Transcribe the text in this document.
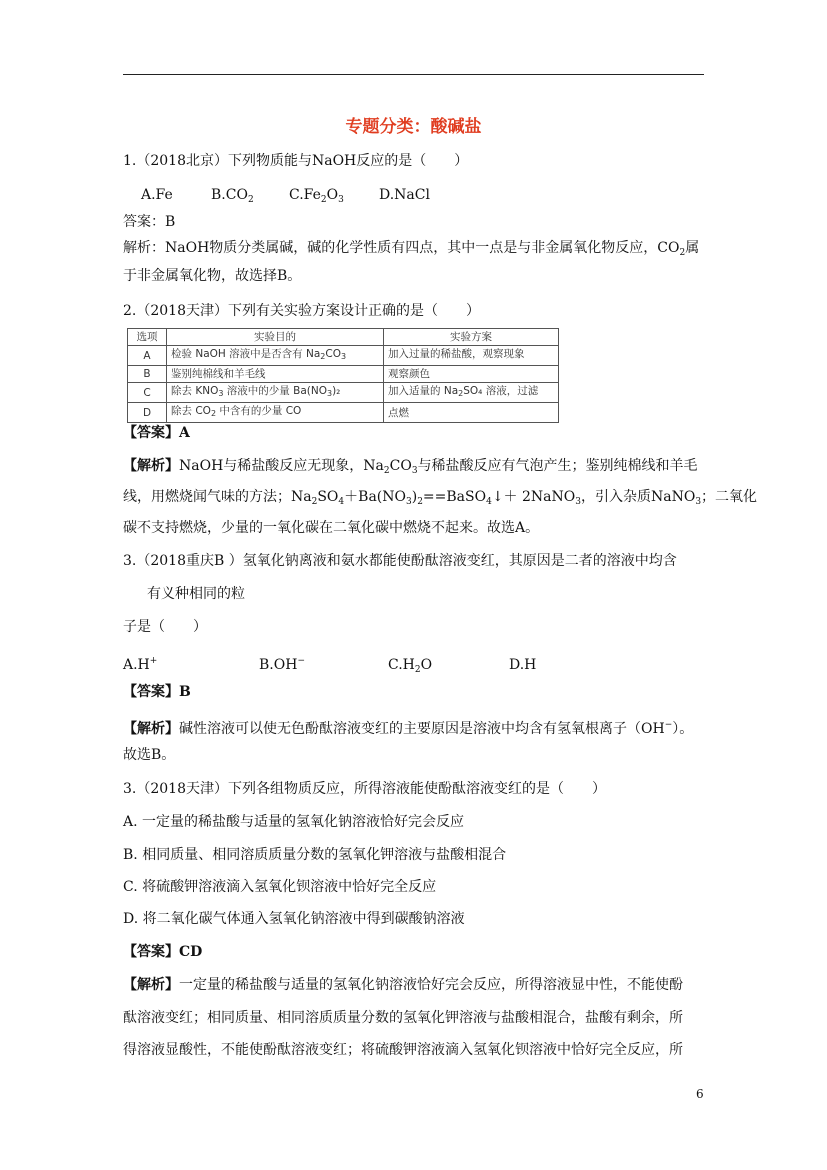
专题分类：酸碱盐
1.（2018北京）下列物质能与NaOH反应的是（　　）
A.Fe	$B.CO_2$	$C.Fe_2O_3$	D.NaCl
答案：B
解析：NaOH物质分类属碱，碱的化学性质有四点，其中一点是与非金属氧化物反应，$CO_2$属
于非金属氧化物，故选择B。
2.（2018天津）下列有关实验方案设计正确的是（　　）
选项	实验目的	实验方案
A	检验 NaOH 溶液中是否含有 Na2CO3	加入过量的稀盐酸，观察现象
B	鉴别纯棉线和羊毛线	观察颜色
C	除去 KNO3 溶液中的少量 Ba(NO3)₂	加入适量的 Na2SO₄ 溶液，过滤
D	除去 CO2 中含有的少量 CO	点燃
【答案】A
【解析】NaOH与稀盐酸反应无现象，$Na_2CO_3$与稀盐酸反应有气泡产生；鉴别纯棉线和羊毛
线，用燃烧闻气味的方法；$Na_2SO_4+Ba(NO_3)_2==BaSO_4↓+$ 2NaNO$_3$，引入杂质NaNO$_3$；二氧化
碳不支持燃烧，少量的一氧化碳在二氧化碳中燃烧不起来。故选A。
3.（2018重庆B ）氢氧化钠离液和氨水都能使酚酞溶液变红，其原因是二者的溶液中均含
有义种相同的粒
子是（　　）
A.H+	B.OH−	$C.H_2O$	D.H
【答案】B
【解析】碱性溶液可以使无色酚酞溶液变红的主要原因是溶液中均含有氢氧根离子（OH−）。
故选B。
3.（2018天津）下列各组物质反应，所得溶液能使酚酞溶液变红的是（　　）
A. 一定量的稀盐酸与适量的氢氧化钠溶液恰好完会反应
B. 相同质量、相同溶质质量分数的氢氧化钾溶液与盐酸相混合
C. 将硫酸钾溶液滴入氢氧化钡溶液中恰好完全反应
D. 将二氧化碳气体通入氢氧化钠溶液中得到碳酸钠溶液
【答案】CD
【解析】一定量的稀盐酸与适量的氢氧化钠溶液恰好完会反应，所得溶液显中性，不能使酚
酞溶液变红；相同质量、相同溶质质量分数的氢氧化钾溶液与盐酸相混合，盐酸有剩余，所
得溶液显酸性，不能使酚酞溶液变红；将硫酸钾溶液滴入氢氧化钡溶液中恰好完全反应，所
6
